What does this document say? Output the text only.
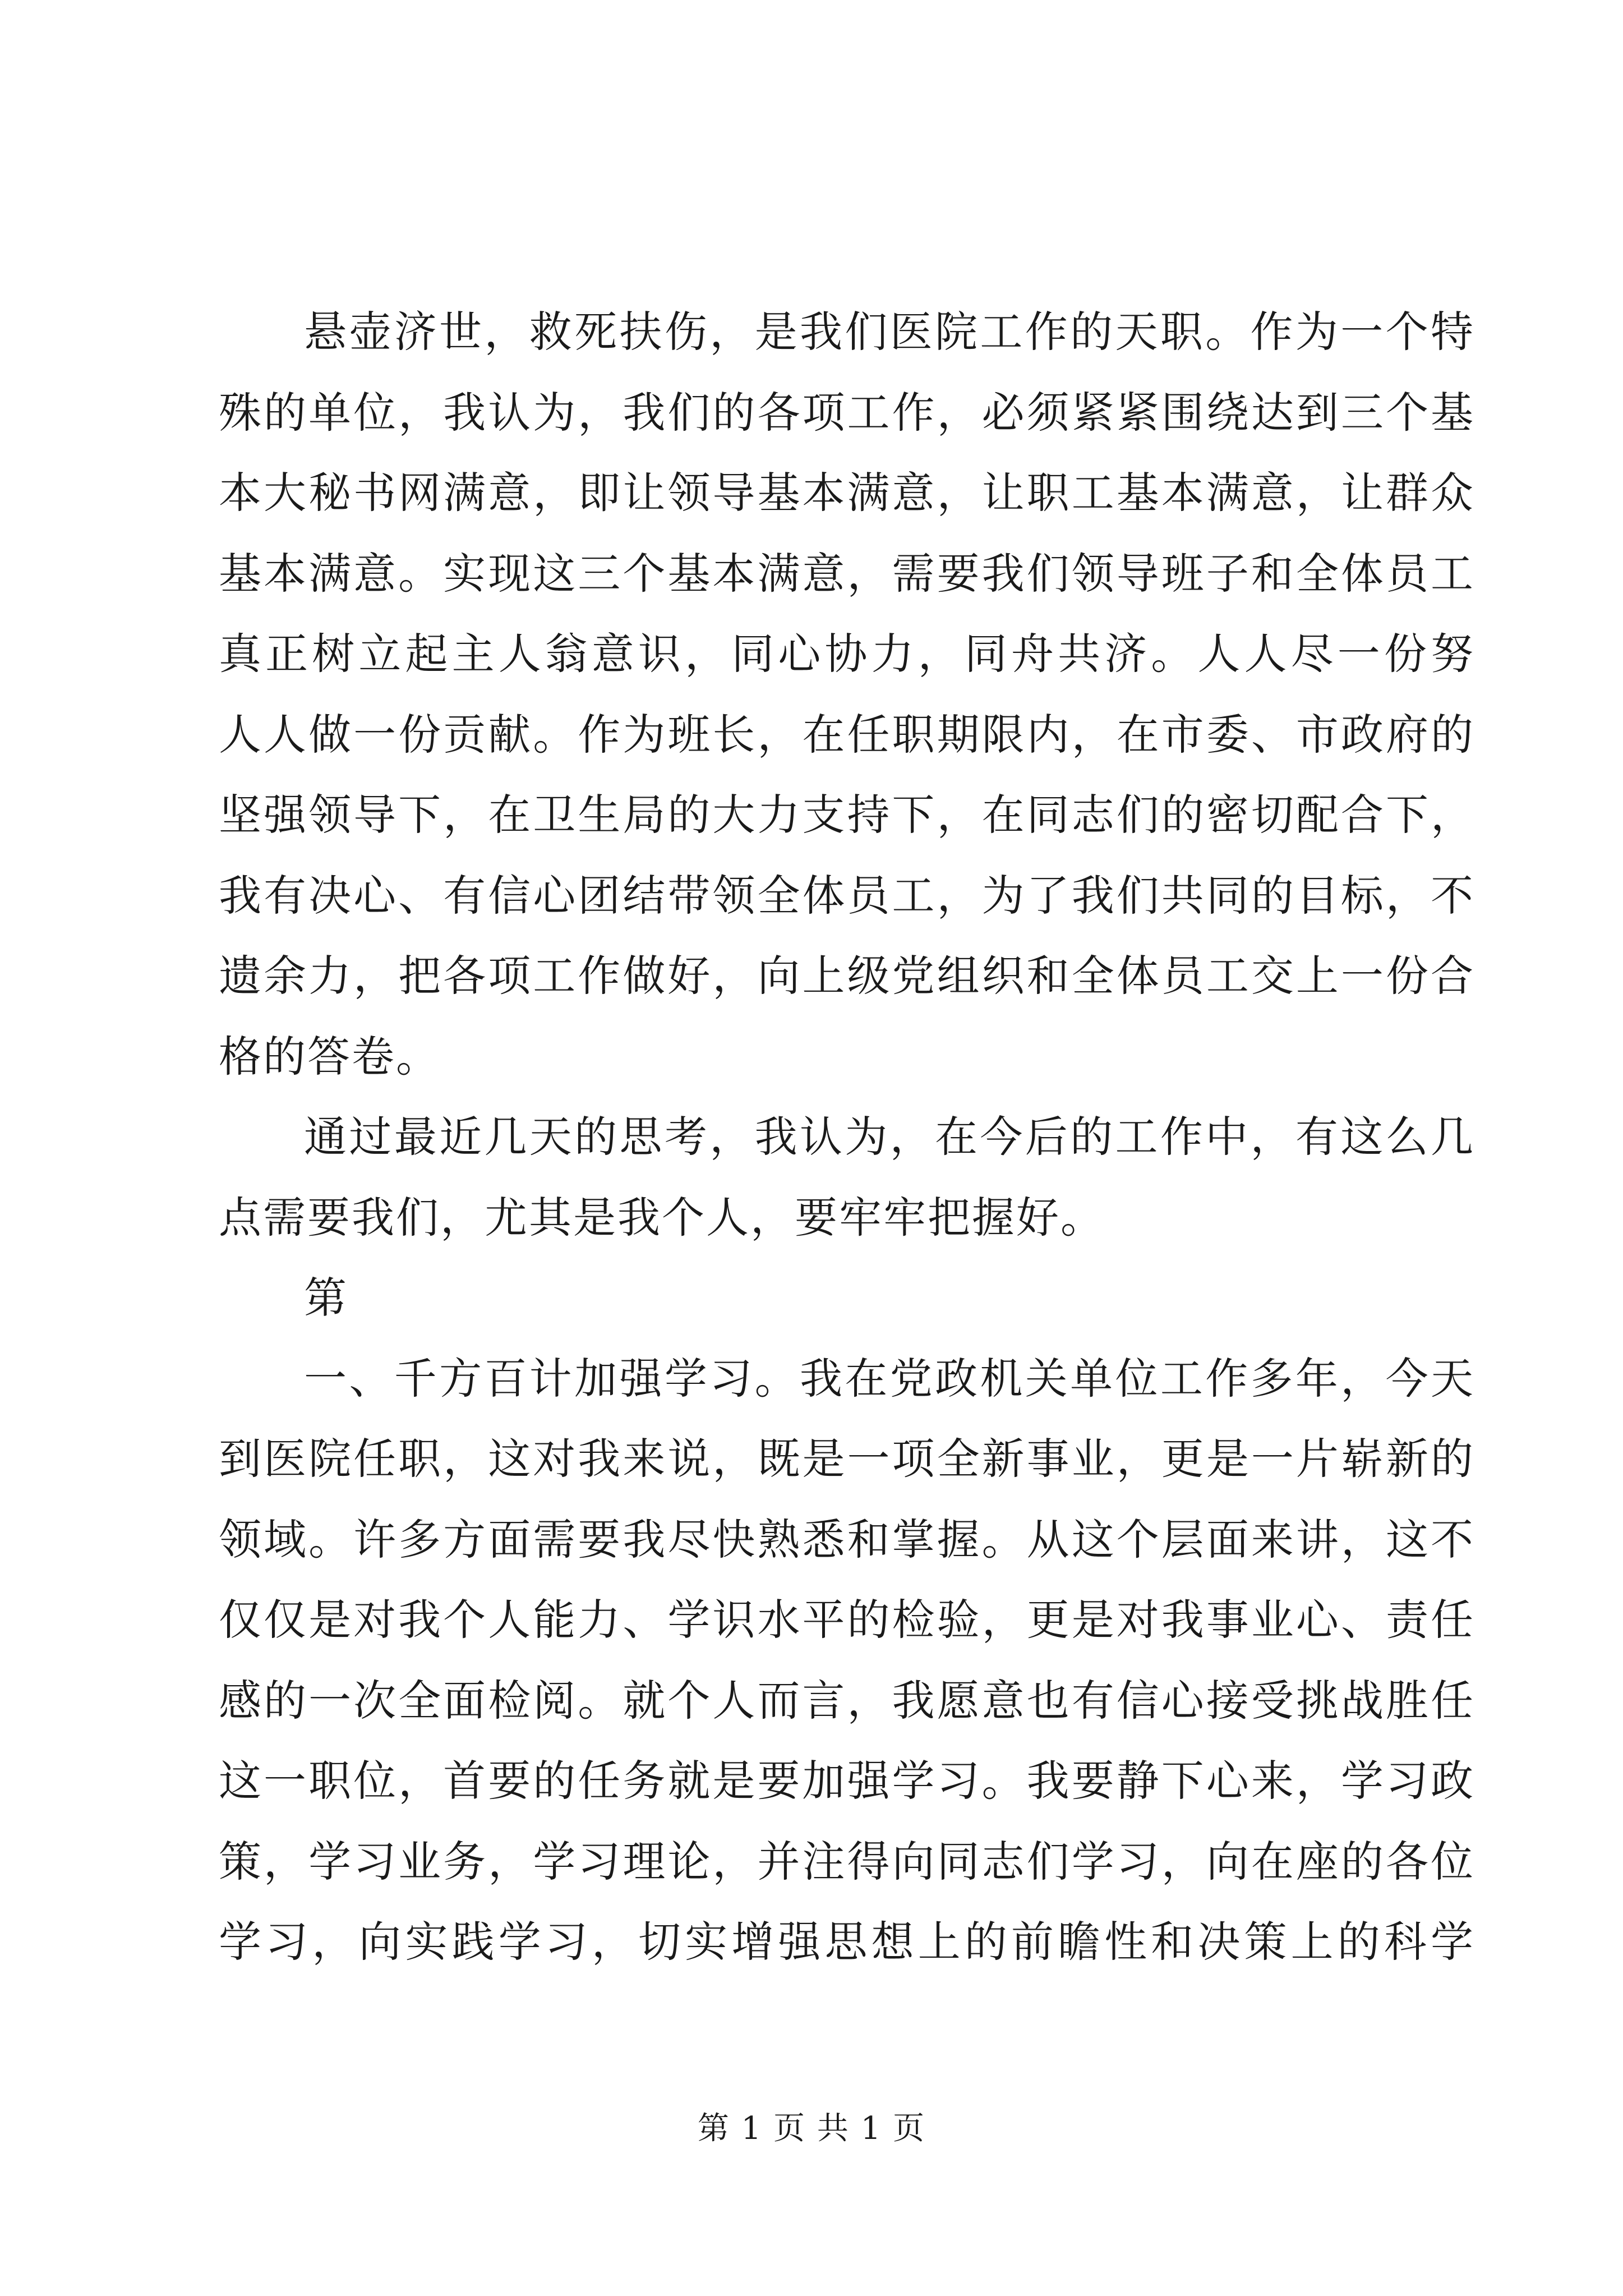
悬壶济世，救死扶伤，是我们医院工作的天职。作为一个特
殊的单位，我认为，我们的各项工作，必须紧紧围绕达到三个基
本大秘书网满意，即让领导基本满意，让职工基本满意，让群众
基本满意。实现这三个基本满意，需要我们领导班子和全体员工
真正树立起主人翁意识，同心协力，同舟共济。人人尽一份努
人人做一份贡献。作为班长，在任职期限内，在市委、市政府的
坚强领导下，在卫生局的大力支持下，在同志们的密切配合下，
我有决心、有信心团结带领全体员工，为了我们共同的目标，不
遗余力，把各项工作做好，向上级党组织和全体员工交上一份合
格的答卷。
通过最近几天的思考，我认为，在今后的工作中，有这么几
点需要我们，尤其是我个人，要牢牢把握好。
第
一、千方百计加强学习。我在党政机关单位工作多年，今天
到医院任职，这对我来说，既是一项全新事业，更是一片崭新的
领域。许多方面需要我尽快熟悉和掌握。从这个层面来讲，这不
仅仅是对我个人能力、学识水平的检验，更是对我事业心、责任
感的一次全面检阅。就个人而言，我愿意也有信心接受挑战胜任
这一职位，首要的任务就是要加强学习。我要静下心来，学习政
策，学习业务，学习理论，并注得向同志们学习，向在座的各位
学习，向实践学习，切实增强思想上的前瞻性和决策上的科学
第 1 页 共 1 页
